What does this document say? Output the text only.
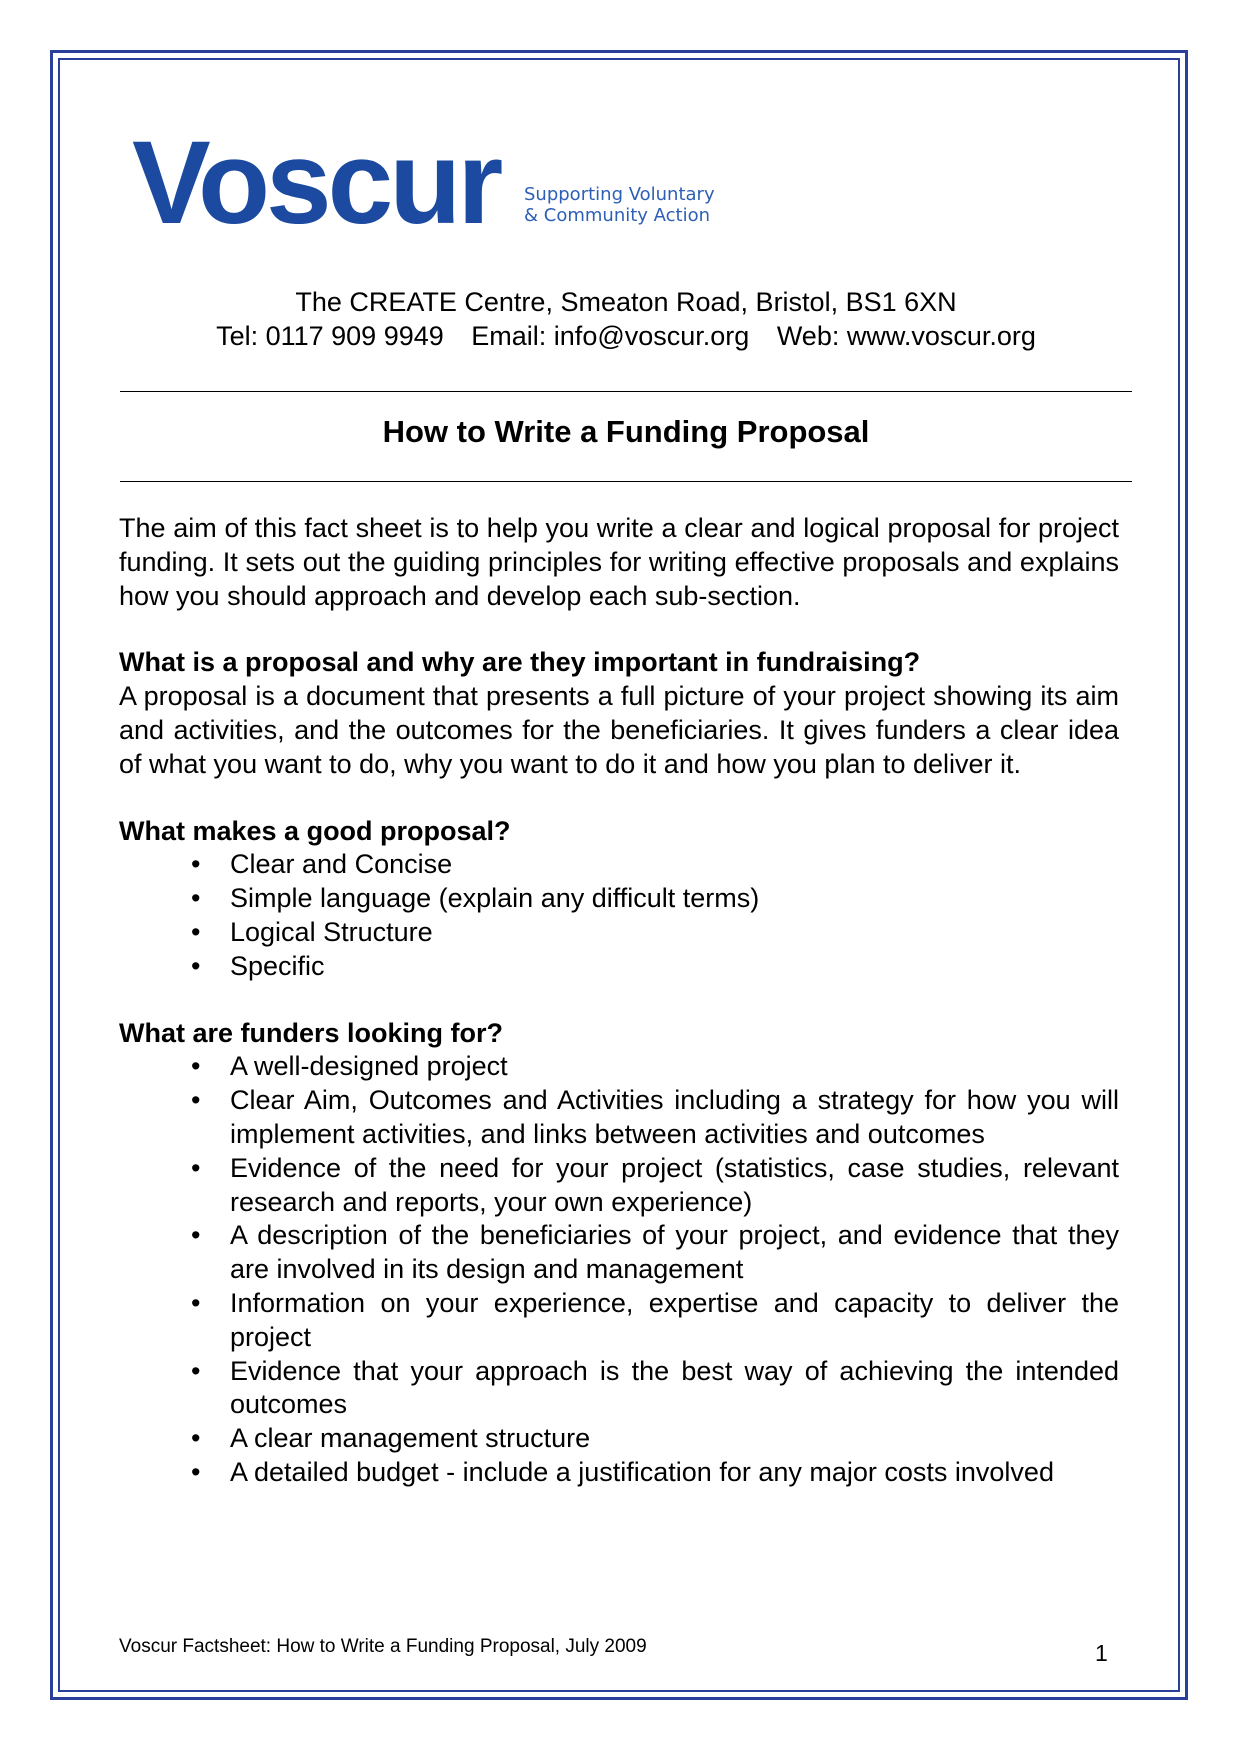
Voscur Supporting Voluntary
& Community Action
The CREATE Centre, Smeaton Road, Bristol, BS1 6XN
Tel: 0117 909 9949 Email: info@voscur.org Web: www.voscur.org
How to Write a Funding Proposal

The aim of this fact sheet is to help you write a clear and logical proposal for project funding. It sets out the guiding principles for writing effective proposals and explains how you should approach and develop each sub-section.

What is a proposal and why are they important in fundraising?

A proposal is a document that presents a full picture of your project showing its aim and activities, and the outcomes for the beneficiaries. It gives funders a clear idea of what you want to do, why you want to do it and how you plan to deliver it.

What makes a good proposal?
• Clear and Concise
• Simple language (explain any difficult terms)
• Logical Structure
• Specific
What are funders looking for?
• A well-designed project
• Clear Aim, Outcomes and Activities including a strategy for how you will implement activities, and links between activities and outcomes
• Evidence of the need for your project (statistics, case studies, relevant research and reports, your own experience)
• A description of the beneficiaries of your project, and evidence that they are involved in its design and management
• Information on your experience, expertise and capacity to deliver the project
• Evidence that your approach is the best way of achieving the intended outcomes
• A clear management structure
• A detailed budget - include a justification for any major costs involved
Voscur Factsheet: How to Write a Funding Proposal, July 2009	1
